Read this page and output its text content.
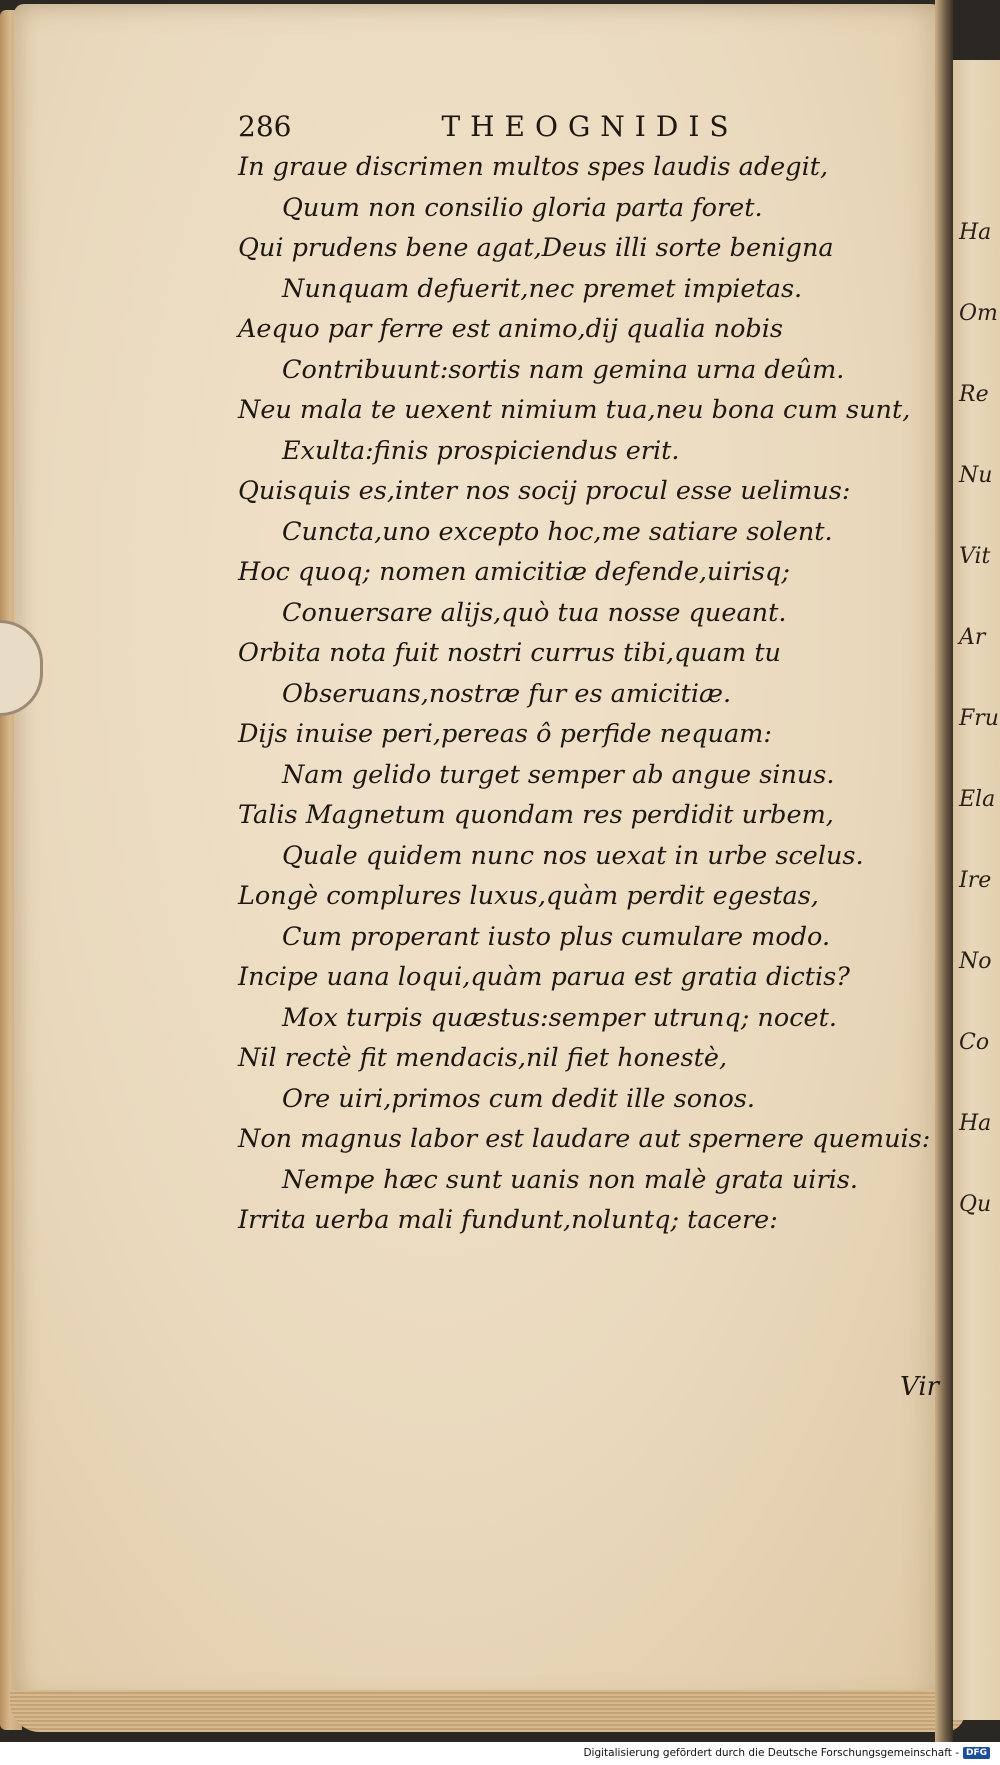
Ha
Om
Re
Nu
Vit
Ar
Fru
Ela
Ire
No
Co
Ha
Qu
286	THEOGNIDIS
In graue discrimen multos spes laudis adegit,
Quum non consilio gloria parta foret.
Qui prudens bene agat,Deus illi sorte benigna
Nunquam defuerit,nec premet impietas.
Aequo par ferre est animo,dij qualia nobis
Contribuunt:sortis nam gemina urna deûm.
Neu mala te uexent nimium tua,neu bona cum sunt,
Exulta:finis prospiciendus erit.
Quisquis es,inter nos socij procul esse uelimus:
Cuncta,uno excepto hoc,me satiare solent.
Hoc quoq; nomen amicitiæ defende,uirisq;
Conuersare alijs,quò tua nosse queant.
Orbita nota fuit nostri currus tibi,quam tu
Obseruans,nostræ fur es amicitiæ.
Dijs inuise peri,pereas ô perfide nequam:
Nam gelido turget semper ab angue sinus.
Talis Magnetum quondam res perdidit urbem,
Quale quidem nunc nos uexat in urbe scelus.
Longè complures luxus,quàm perdit egestas,
Cum properant iusto plus cumulare modo.
Incipe uana loqui,quàm parua est gratia dictis?
Mox turpis quæstus:semper utrunq; nocet.
Nil rectè fit mendacis,nil fiet honestè,
Ore uiri,primos cum dedit ille sonos.
Non magnus labor est laudare aut spernere quemuis:
Nempe hæc sunt uanis non malè grata uiris.
Irrita uerba mali fundunt,noluntq; tacere:
Vir
Digitalisierung gefördert durch die Deutsche Forschungsgemeinschaft - DFG
